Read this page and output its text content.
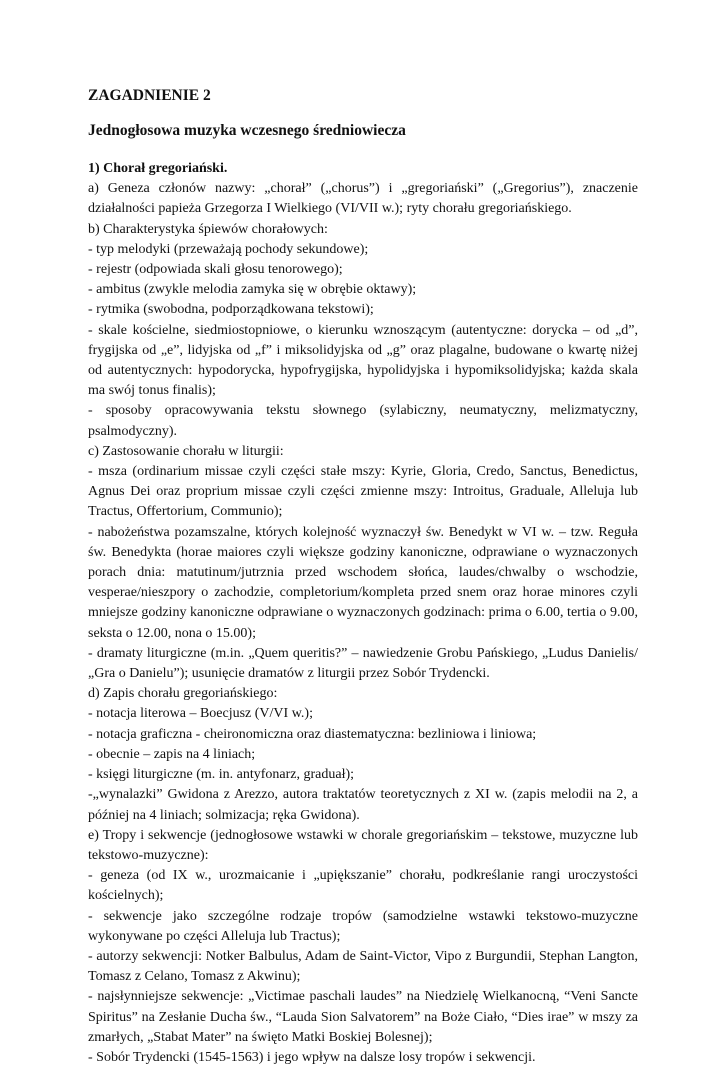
ZAGADNIENIE 2
Jednogłosowa muzyka wczesnego średniowiecza

1) Chorał gregoriański.

a) Geneza członów nazwy: „chorał” („chorus”) i „gregoriański” („Gregorius”), znaczenie działalności papieża Grzegorza I Wielkiego (VI/VII w.); ryty chorału gregoriańskiego.

b) Charakterystyka śpiewów chorałowych:

- typ melodyki (przeważają pochody sekundowe);

- rejestr (odpowiada skali głosu tenorowego);

- ambitus (zwykle melodia zamyka się w obrębie oktawy);

- rytmika (swobodna, podporządkowana tekstowi);

- skale kościelne, siedmiostopniowe, o kierunku wznoszącym (autentyczne: dorycka – od „d”, frygijska od „e”, lidyjska od „f” i miksolidyjska od „g” oraz plagalne, budowane o kwartę niżej od autentycznych: hypodorycka, hypofrygijska, hypolidyjska i hypomiksolidyjska; każda skala ma swój tonus finalis);

- sposoby opracowywania tekstu słownego (sylabiczny, neumatyczny, melizmatyczny, psalmodyczny).

c) Zastosowanie chorału w liturgii:

- msza (ordinarium missae czyli części stałe mszy: Kyrie, Gloria, Credo, Sanctus, Benedictus, Agnus Dei oraz proprium missae czyli części zmienne mszy: Introitus, Graduale, Alleluja lub Tractus, Offertorium, Communio);

- nabożeństwa pozamszalne, których kolejność wyznaczył św. Benedykt w VI w. – tzw. Reguła św. Benedykta (horae maiores czyli większe godziny kanoniczne, odprawiane o wyznaczonych porach dnia: matutinum/jutrznia przed wschodem słońca, laudes/chwalby o wschodzie, vesperae/nieszpory o zachodzie, completorium/kompleta przed snem oraz horae minores czyli mniejsze godziny kanoniczne odprawiane o wyznaczonych godzinach: prima o 6.00, tertia o 9.00, seksta o 12.00, nona o 15.00);

- dramaty liturgiczne (m.in. „Quem queritis?” – nawiedzenie Grobu Pańskiego, „Ludus Danielis/„Gra o Danielu”); usunięcie dramatów z liturgii przez Sobór Trydencki.

d) Zapis chorału gregoriańskiego:

- notacja literowa – Boecjusz (V/VI w.);

- notacja graficzna - cheironomiczna oraz diastematyczna: bezliniowa i liniowa;

- obecnie – zapis na 4 liniach;

- księgi liturgiczne (m. in. antyfonarz, graduał);

-„wynalazki” Gwidona z Arezzo, autora traktatów teoretycznych z XI w. (zapis melodii na 2, a później na 4 liniach; solmizacja; ręka Gwidona).

e) Tropy i sekwencje (jednogłosowe wstawki w chorale gregoriańskim – tekstowe, muzyczne lub tekstowo-muzyczne):

- geneza (od IX w., urozmaicanie i „upiększanie” chorału, podkreślanie rangi uroczystości kościelnych);

- sekwencje jako szczególne rodzaje tropów (samodzielne wstawki tekstowo-muzyczne wykonywane po części Alleluja lub Tractus);

- autorzy sekwencji: Notker Balbulus, Adam de Saint-Victor, Vipo z Burgundii, Stephan Langton, Tomasz z Celano, Tomasz z Akwinu);

- najsłynniejsze sekwencje: „Victimae paschali laudes” na Niedzielę Wielkanocną, “Veni Sancte Spiritus” na Zesłanie Ducha św., “Lauda Sion Salvatorem” na Boże Ciało, “Dies irae” w mszy za zmarłych, „Stabat Mater” na święto Matki Boskiej Bolesnej);

- Sobór Trydencki (1545-1563) i jego wpływ na dalsze losy tropów i sekwencji.
